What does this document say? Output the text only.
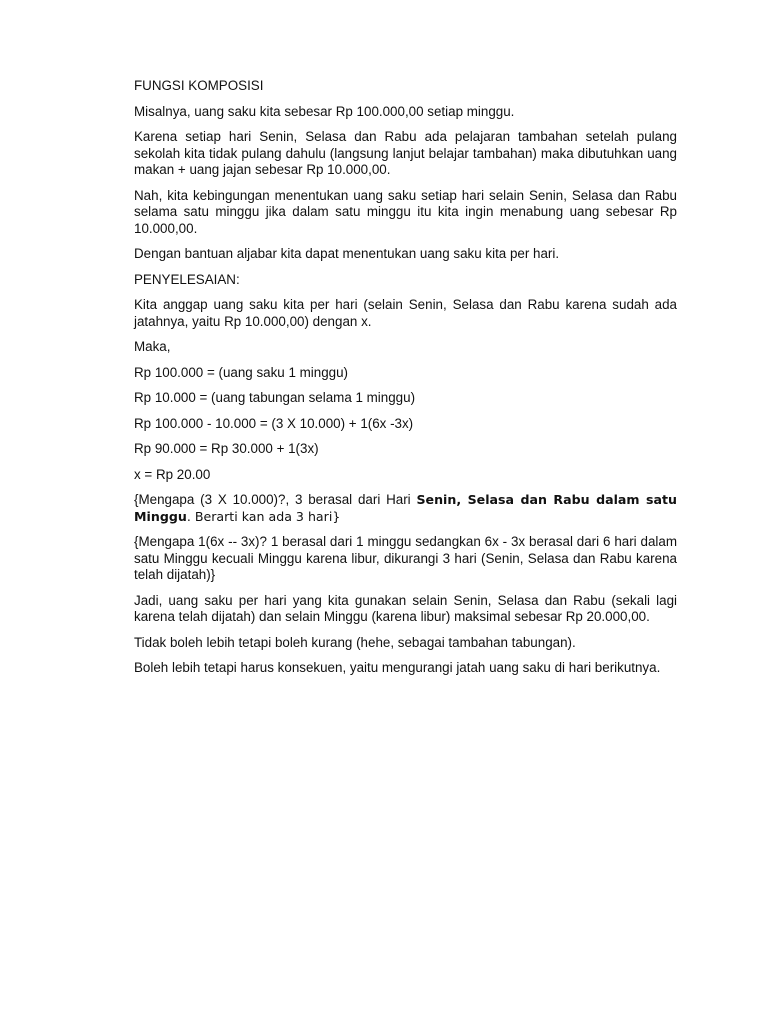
FUNGSI KOMPOSISI

Misalnya, uang saku kita sebesar Rp 100.000,00 setiap minggu.

Karena setiap hari Senin, Selasa dan Rabu ada pelajaran tambahan setelah pulang sekolah kita tidak pulang dahulu (langsung lanjut belajar tambahan) maka dibutuhkan uang makan + uang jajan sebesar Rp 10.000,00.

Nah, kita kebingungan menentukan uang saku setiap hari selain Senin, Selasa dan Rabu selama satu minggu jika dalam satu minggu itu kita ingin menabung uang sebesar Rp 10.000,00.

Dengan bantuan aljabar kita dapat menentukan uang saku kita per hari.

PENYELESAIAN:

Kita anggap uang saku kita per hari (selain Senin, Selasa dan Rabu karena sudah ada jatahnya, yaitu Rp 10.000,00) dengan x.

Maka,

Rp 100.000 = (uang saku 1 minggu)

Rp 10.000 = (uang tabungan selama 1 minggu)

Rp 100.000 - 10.000 = (3 X 10.000) + 1(6x -3x)

Rp 90.000 = Rp 30.000 + 1(3x)

x = Rp 20.00

{Mengapa (3 X 10.000)?, 3 berasal dari Hari Senin, Selasa dan Rabu dalam satu Minggu. Berarti kan ada 3 hari}

{Mengapa 1(6x -- 3x)? 1 berasal dari 1 minggu sedangkan 6x - 3x berasal dari 6 hari dalam satu Minggu kecuali Minggu karena libur, dikurangi 3 hari (Senin, Selasa dan Rabu karena telah dijatah)}

Jadi, uang saku per hari yang kita gunakan selain Senin, Selasa dan Rabu (sekali lagi karena telah dijatah) dan selain Minggu (karena libur) maksimal sebesar Rp 20.000,00.

Tidak boleh lebih tetapi boleh kurang (hehe, sebagai tambahan tabungan).

Boleh lebih tetapi harus konsekuen, yaitu mengurangi jatah uang saku di hari berikutnya.
